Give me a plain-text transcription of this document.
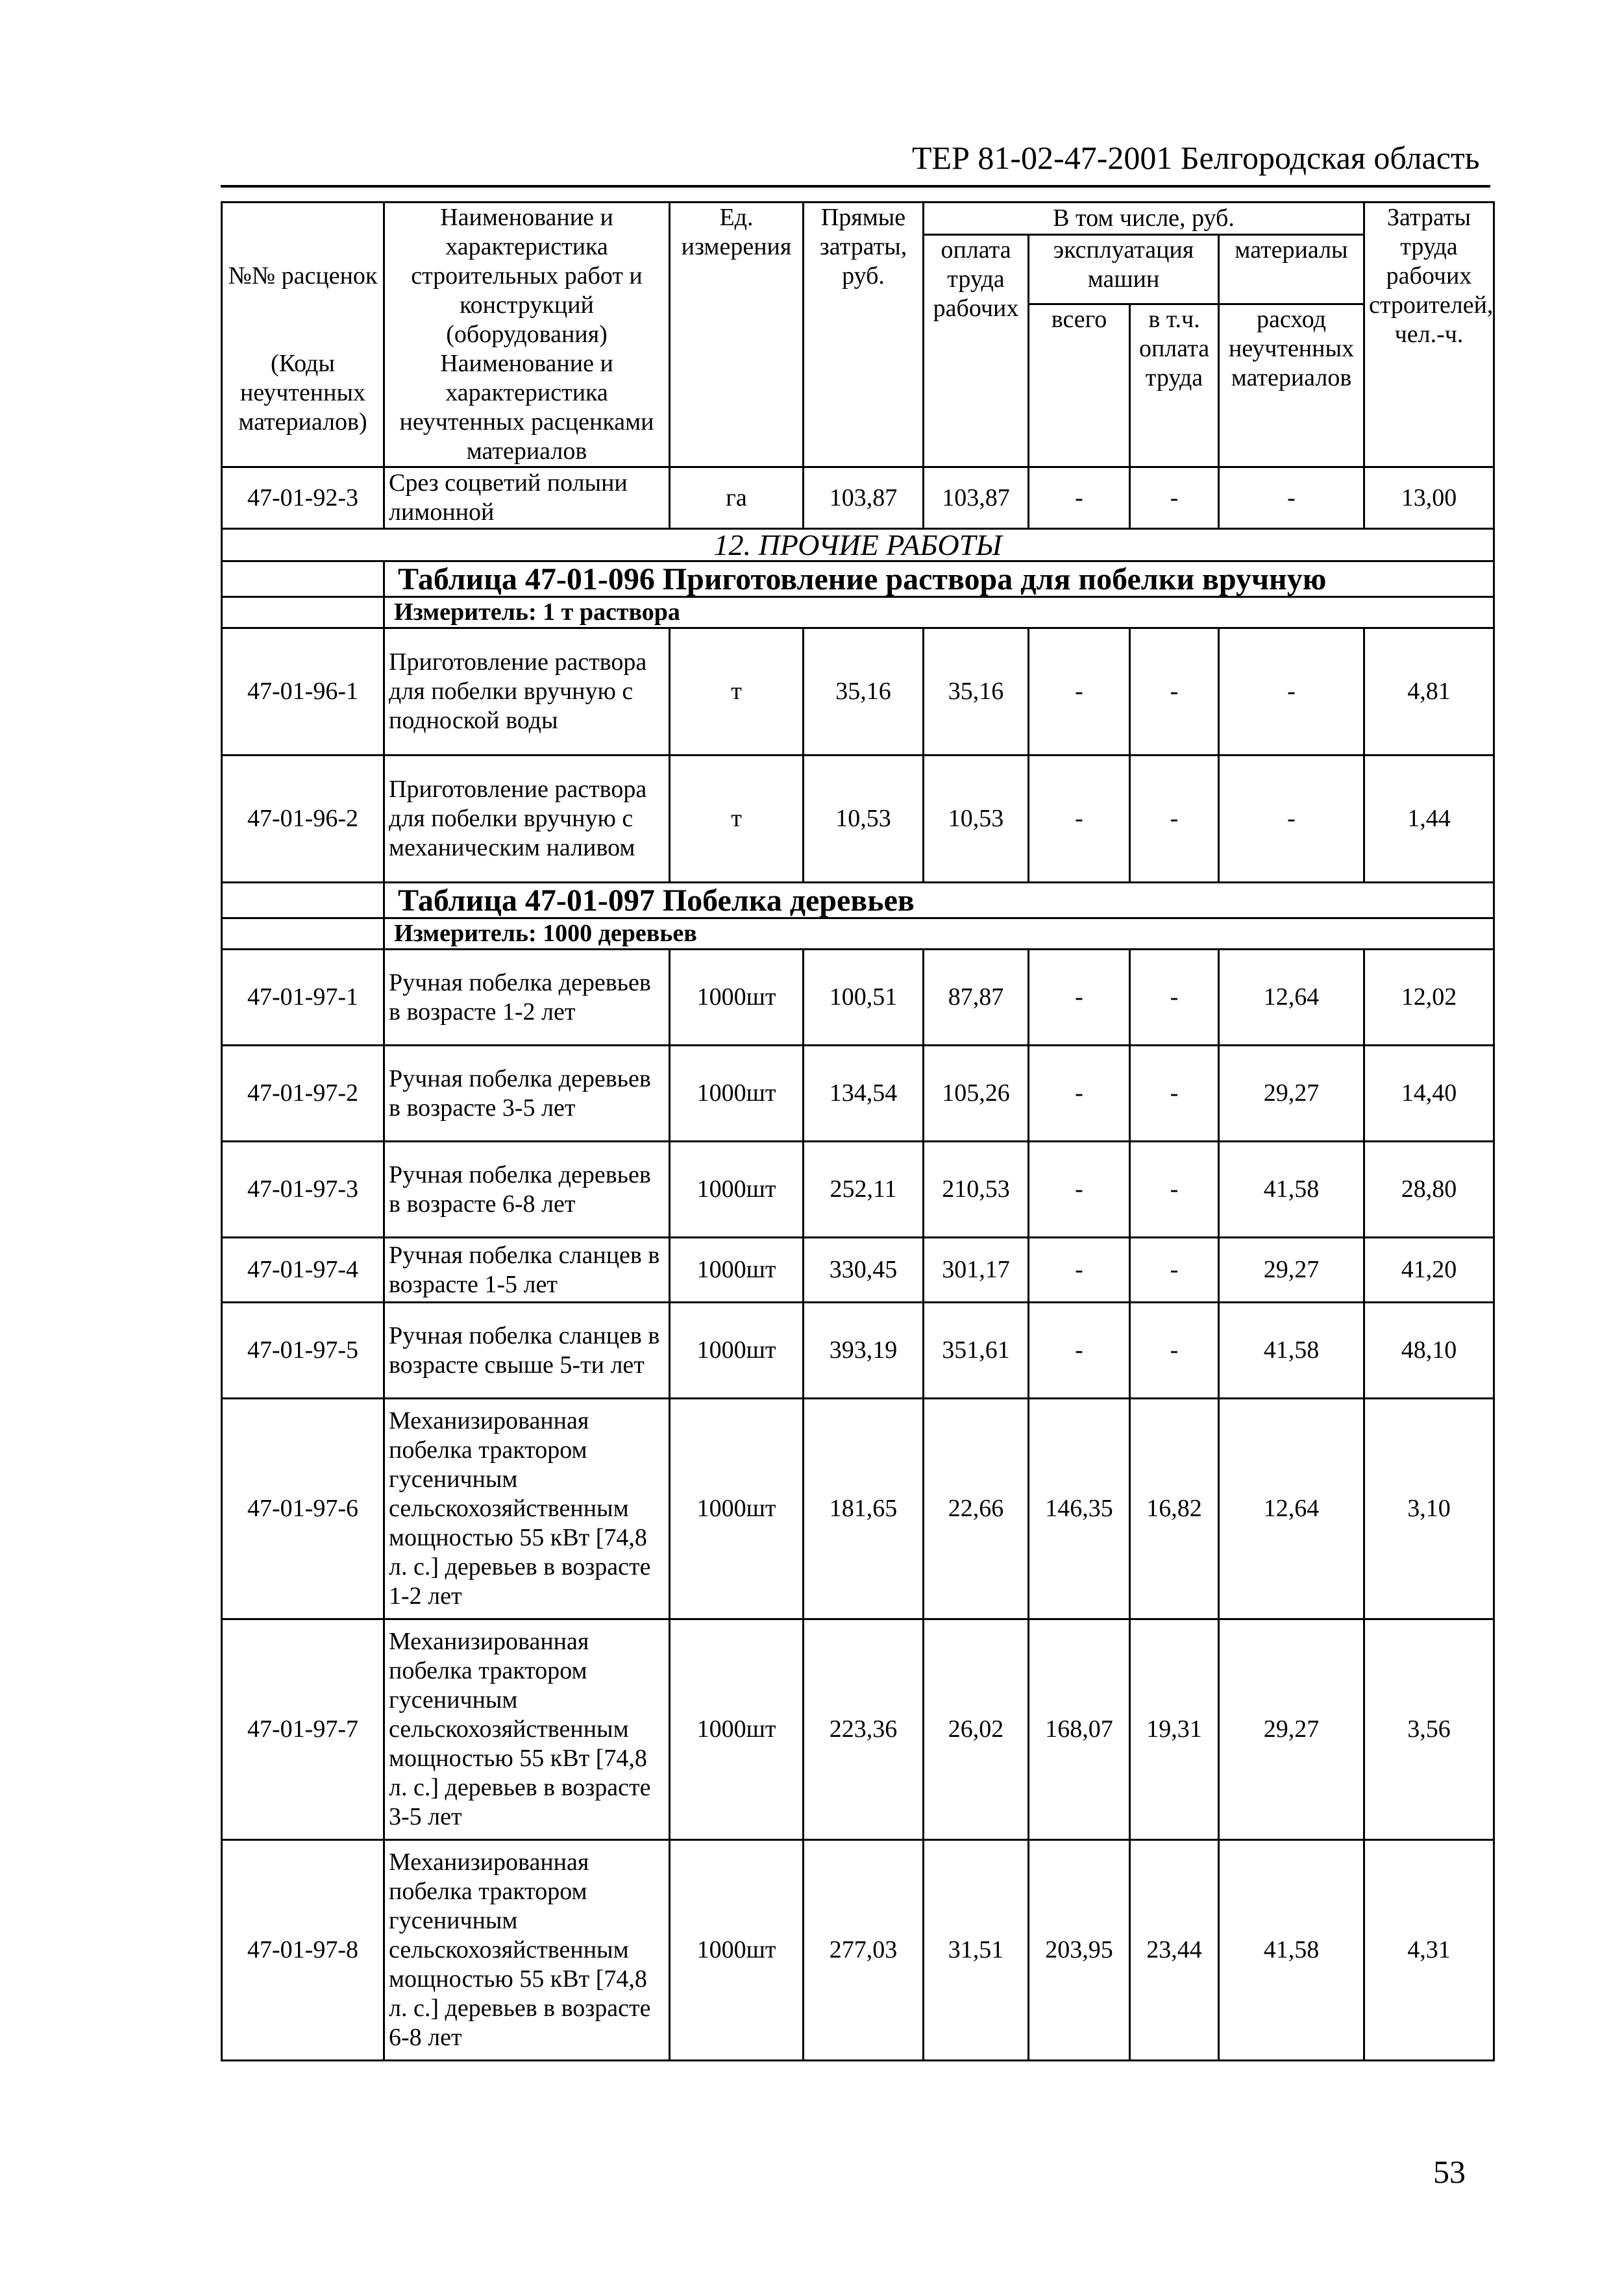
ТЕР 81-02-47-2001 Белгородская область
№№ расценок	Наименование и характеристика строительных работ и конструкций (оборудования)	Ед. измерения	Прямые затраты, руб.	В том числе, руб.				Затраты труда рабочих строителей, чел.-ч.
				оплата труда рабочих	эксплуатация машин		материалы	
					всего	в т.ч. оплата труда	расход неучтенных материалов	
(Коды неучтенных материалов)	Наименование и характеристика неучтенных расценками материалов							

47-01-92-3	Срез соцветий полыни лимонной	га	103,87	103,87	-	-	-	13,00
12. ПРОЧИЕ РАБОТЫ								
	Таблица 47-01-096 Приготовление раствора для побелки вручную							
	Измеритель: 1 т раствора							
47-01-96-1	Приготовление раствора для побелки вручную с подноской воды	т	35,16	35,16	-	-	-	4,81
47-01-96-2	Приготовление раствора для побелки вручную с механическим наливом	т	10,53	10,53	-	-	-	1,44
	Таблица 47-01-097 Побелка деревьев							
	Измеритель: 1000 деревьев							
47-01-97-1	Ручная побелка деревьев в возрасте 1-2 лет	1000шт	100,51	87,87	-	-	12,64	12,02
47-01-97-2	Ручная побелка деревьев в возрасте 3-5 лет	1000шт	134,54	105,26	-	-	29,27	14,40
47-01-97-3	Ручная побелка деревьев в возрасте 6-8 лет	1000шт	252,11	210,53	-	-	41,58	28,80
47-01-97-4	Ручная побелка сланцев в возрасте 1-5 лет	1000шт	330,45	301,17	-	-	29,27	41,20
47-01-97-5	Ручная побелка сланцев в возрасте свыше 5-ти лет	1000шт	393,19	351,61	-	-	41,58	48,10
47-01-97-6	Механизированная побелка трактором гусеничным сельскохозяйственным мощностью 55 кВт [74,8 л. с.] деревьев в возрасте 1-2 лет	1000шт	181,65	22,66	146,35	16,82	12,64	3,10
47-01-97-7	Механизированная побелка трактором гусеничным сельскохозяйственным мощностью 55 кВт [74,8 л. с.] деревьев в возрасте 3-5 лет	1000шт	223,36	26,02	168,07	19,31	29,27	3,56
47-01-97-8	Механизированная побелка трактором гусеничным сельскохозяйственным мощностью 55 кВт [74,8 л. с.] деревьев в возрасте 6-8 лет	1000шт	277,03	31,51	203,95	23,44	41,58	4,31
53
